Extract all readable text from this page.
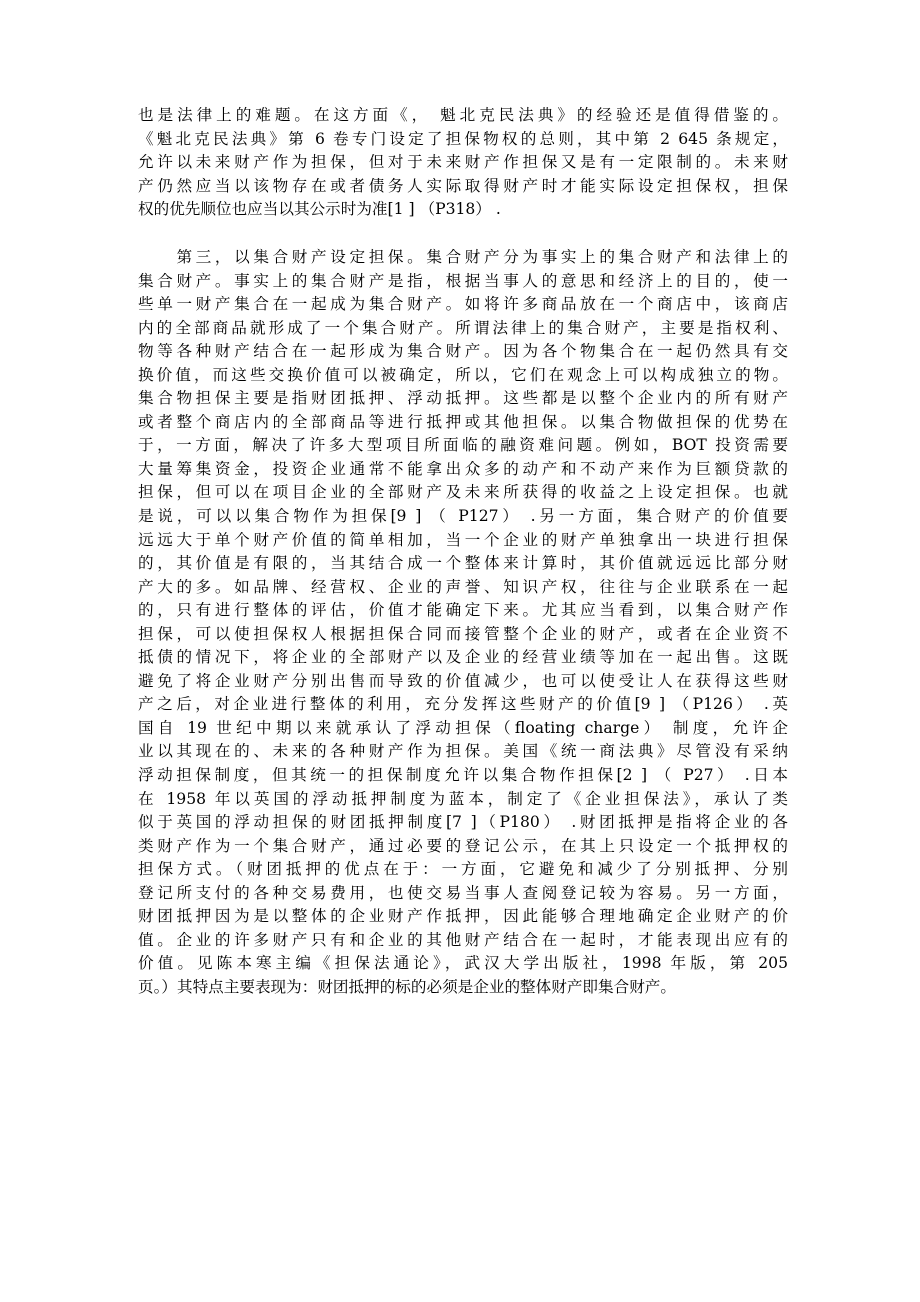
也是法律上的难题。在这方面《， 魁北克民法典》的经验还是值得借鉴的。
《魁北克民法典》第 6 卷专门设定了担保物权的总则，其中第 2 645 条规定，
允许以未来财产作为担保，但对于未来财产作担保又是有一定限制的。未来财
产仍然应当以该物存在或者债务人实际取得财产时才能实际设定担保权，担保
权的优先顺位也应当以其公示时为准[1 ] （P318） .
　　第三，以集合财产设定担保。集合财产分为事实上的集合财产和法律上的
集合财产。事实上的集合财产是指，根据当事人的意思和经济上的目的，使一
些单一财产集合在一起成为集合财产。如将许多商品放在一个商店中，该商店
内的全部商品就形成了一个集合财产。所谓法律上的集合财产，主要是指权利、
物等各种财产结合在一起形成为集合财产。因为各个物集合在一起仍然具有交
换价值，而这些交换价值可以被确定，所以，它们在观念上可以构成独立的物。
集合物担保主要是指财团抵押、浮动抵押。这些都是以整个企业内的所有财产
或者整个商店内的全部商品等进行抵押或其他担保。以集合物做担保的优势在
于，一方面，解决了许多大型项目所面临的融资难问题。例如，BOT 投资需要
大量筹集资金，投资企业通常不能拿出众多的动产和不动产来作为巨额贷款的
担保，但可以在项目企业的全部财产及未来所获得的收益之上设定担保。也就
是说，可以以集合物作为担保[9 ] （ P127） .另一方面，集合财产的价值要
远远大于单个财产价值的简单相加，当一个企业的财产单独拿出一块进行担保
的，其价值是有限的，当其结合成一个整体来计算时，其价值就远远比部分财
产大的多。如品牌、经营权、企业的声誉、知识产权，往往与企业联系在一起
的，只有进行整体的评估，价值才能确定下来。尤其应当看到，以集合财产作
担保，可以使担保权人根据担保合同而接管整个企业的财产，或者在企业资不
抵债的情况下，将企业的全部财产以及企业的经营业绩等加在一起出售。这既
避免了将企业财产分别出售而导致的价值减少，也可以使受让人在获得这些财
产之后，对企业进行整体的利用，充分发挥这些财产的价值[9 ] （P126） .英
国自 19 世纪中期以来就承认了浮动担保（floating charge） 制度，允许企
业以其现在的、未来的各种财产作为担保。美国《统一商法典》尽管没有采纳
浮动担保制度，但其统一的担保制度允许以集合物作担保[2 ] （ P27） .日本
在 1958 年以英国的浮动抵押制度为蓝本，制定了《企业担保法》，承认了类
似于英国的浮动担保的财团抵押制度[7 ]（P180） .财团抵押是指将企业的各
类财产作为一个集合财产，通过必要的登记公示，在其上只设定一个抵押权的
担保方式。（财团抵押的优点在于：一方面，它避免和减少了分别抵押、分别
登记所支付的各种交易费用，也使交易当事人查阅登记较为容易。另一方面，
财团抵押因为是以整体的企业财产作抵押，因此能够合理地确定企业财产的价
值。企业的许多财产只有和企业的其他财产结合在一起时，才能表现出应有的
价值。见陈本寒主编《担保法通论》，武汉大学出版社，1998 年版，第 205
页。）其特点主要表现为：财团抵押的标的必须是企业的整体财产即集合财产。
